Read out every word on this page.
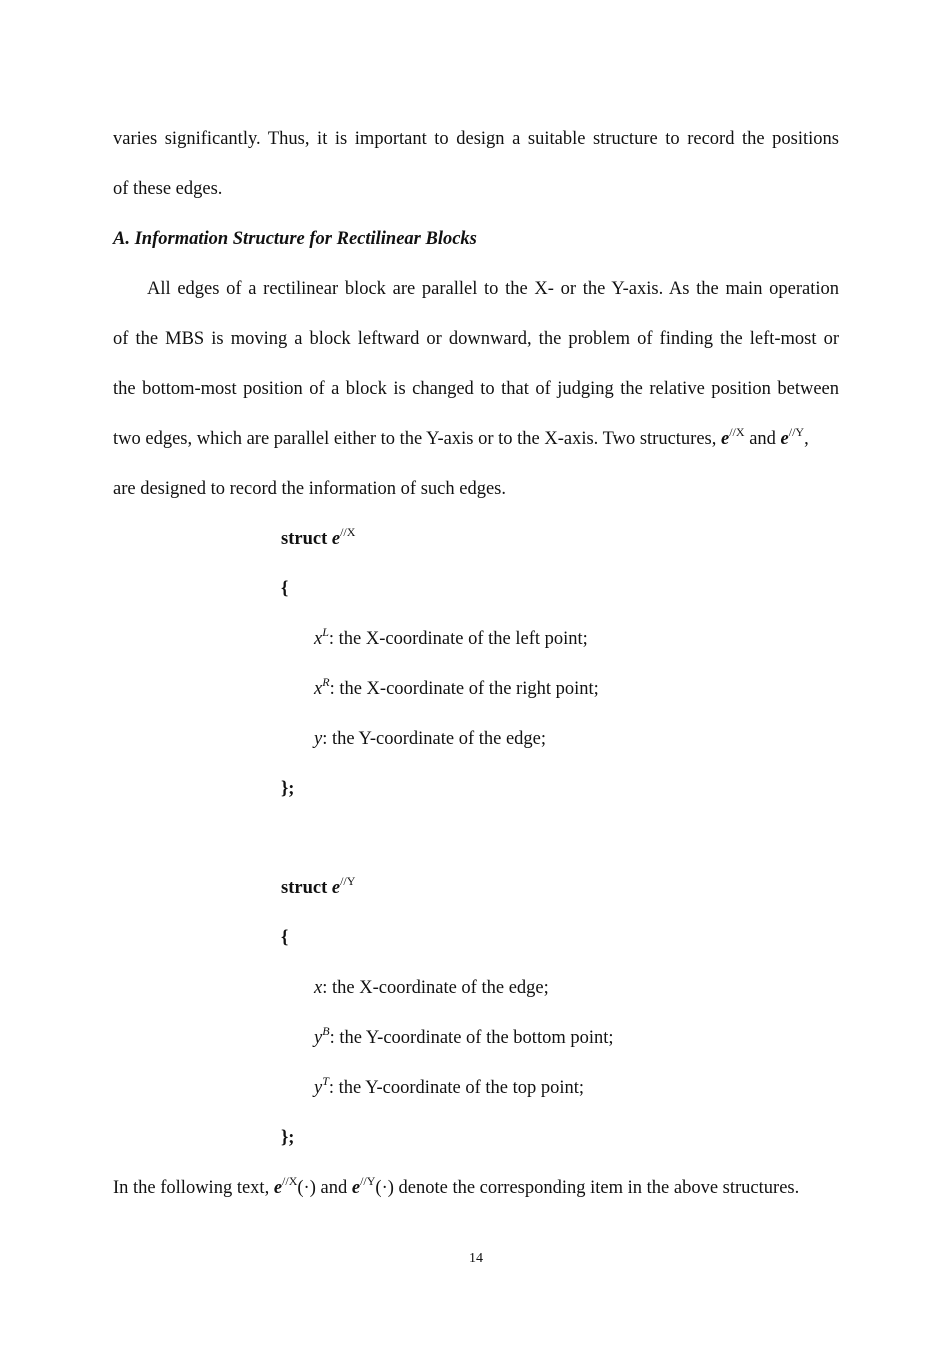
varies significantly. Thus, it is important to design a suitable structure to record the positions
of these edges.
A. Information Structure for Rectilinear Blocks
All edges of a rectilinear block are parallel to the X- or the Y-axis. As the main operation
of the MBS is moving a block leftward or downward, the problem of finding the left-most or
the bottom-most position of a block is changed to that of judging the relative position between
two edges, which are parallel either to the Y-axis or to the X-axis. Two structures, $e^{//X}$ and $e^{//Y}$,
are designed to record the information of such edges.
struct $e^{//X}$
{
$x^L$: the X-coordinate of the left point;
$x^R$: the X-coordinate of the right point;
y: the Y-coordinate of the edge;
};
struct $e^{//Y}$
{
x: the X-coordinate of the edge;
$y^B$: the Y-coordinate of the bottom point;
$y^T$: the Y-coordinate of the top point;
};
In the following text, $e^{//X}(\cdot)$ and $e^{//Y}(\cdot)$ denote the corresponding item in the above structures.
14
